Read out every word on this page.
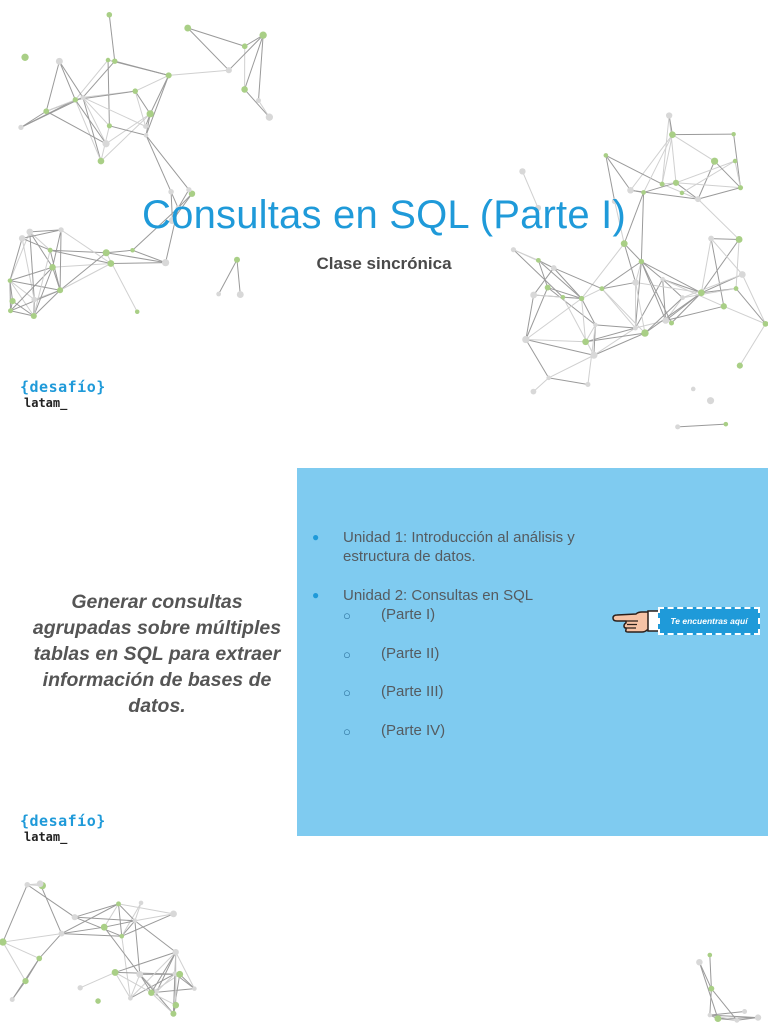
Consultas en SQL (Parte I)
Clase sincrónica
{desafío}
latam_
Generar consultas agrupadas sobre múltiples tablas en SQL para extraer información de bases de datos.
● Unidad 1: Introducción al análisis y estructura de datos.
● Unidad 2: Consultas en SQL
○ (Parte I)
○ (Parte II)
○ (Parte III)
○ (Parte IV)
Te encuentras aquí
{desafío}
latam_
